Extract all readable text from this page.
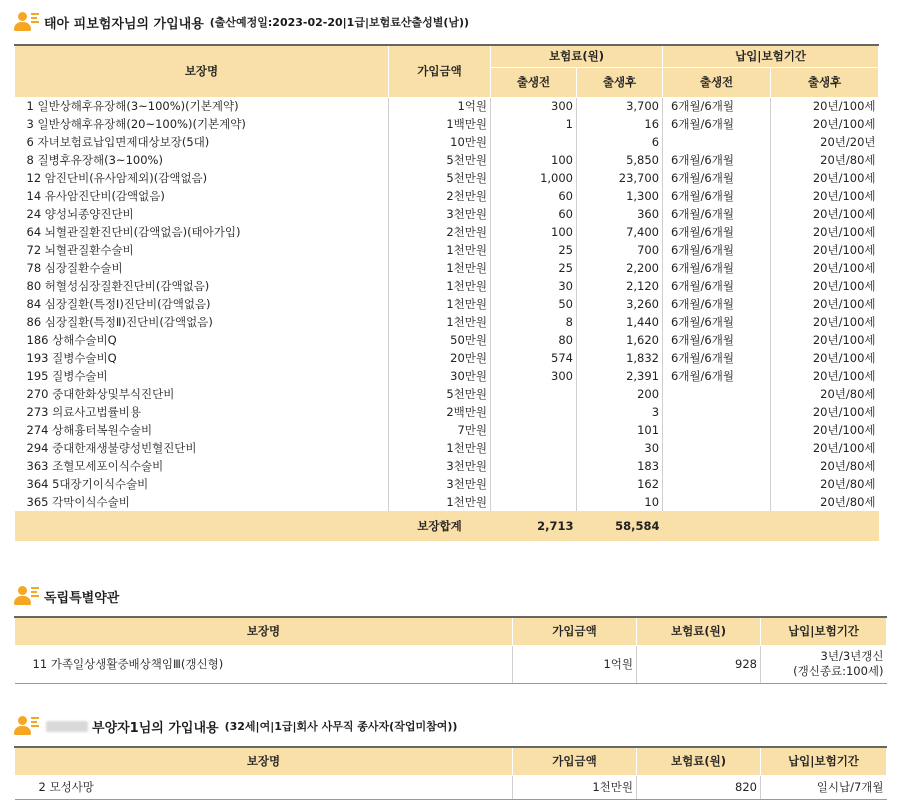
태아 피보험자님의 가입내용 (출산예정일:2023-02-20|1급|보험료산출성별(남))
보장명	가입금액	보험료(원)		납입|보험기간	
		출생전	출생후	출생전	출생후
1 일반상해후유장해(3~100%)(기본계약)	1억원	300	3,700	6개월/6개월	20년/100세
3 일반상해후유장해(20~100%)(기본계약)	1백만원	1	16	6개월/6개월	20년/100세
6 자녀보험료납입면제대상보장(5대)	10만원		6		20년/20년
8 질병후유장해(3~100%)	5천만원	100	5,850	6개월/6개월	20년/80세
12 암진단비(유사암제외)(감액없음)	5천만원	1,000	23,700	6개월/6개월	20년/100세
14 유사암진단비(감액없음)	2천만원	60	1,300	6개월/6개월	20년/100세
24 양성뇌종양진단비	3천만원	60	360	6개월/6개월	20년/100세
64 뇌혈관질환진단비(감액없음)(태아가입)	2천만원	100	7,400	6개월/6개월	20년/100세
72 뇌혈관질환수술비	1천만원	25	700	6개월/6개월	20년/100세
78 심장질환수술비	1천만원	25	2,200	6개월/6개월	20년/100세
80 허혈성심장질환진단비(감액없음)	1천만원	30	2,120	6개월/6개월	20년/100세
84 심장질환(특정Ⅰ)진단비(감액없음)	1천만원	50	3,260	6개월/6개월	20년/100세
86 심장질환(특정Ⅱ)진단비(감액없음)	1천만원	8	1,440	6개월/6개월	20년/100세
186 상해수술비Q	50만원	80	1,620	6개월/6개월	20년/100세
193 질병수술비Q	20만원	574	1,832	6개월/6개월	20년/100세
195 질병수술비	30만원	300	2,391	6개월/6개월	20년/100세
270 중대한화상및부식진단비	5천만원		200		20년/80세
273 의료사고법률비용	2백만원		3		20년/100세
274 상해흉터복원수술비	7만원		101		20년/100세
294 중대한재생불량성빈혈진단비	1천만원		30		20년/100세
363 조혈모세포이식수술비	3천만원		183		20년/80세
364 5대장기이식수술비	3천만원		162		20년/80세
365 각막이식수술비	1천만원		10		20년/80세
	보장합계	2,713	58,584		
독립특별약관
보장명	가입금액	보험료(원)	납입|보험기간
11 가족일상생활중배상책임Ⅲ(갱신형)	1억원	928	3년/3년갱신
(갱신종료:100세)
부양자1님의 가입내용 (32세|여|1급|회사 사무직 종사자(작업미참여))
보장명	가입금액	보험료(원)	납입|보험기간
2 모성사망	1천만원	820	일시납/7개월
